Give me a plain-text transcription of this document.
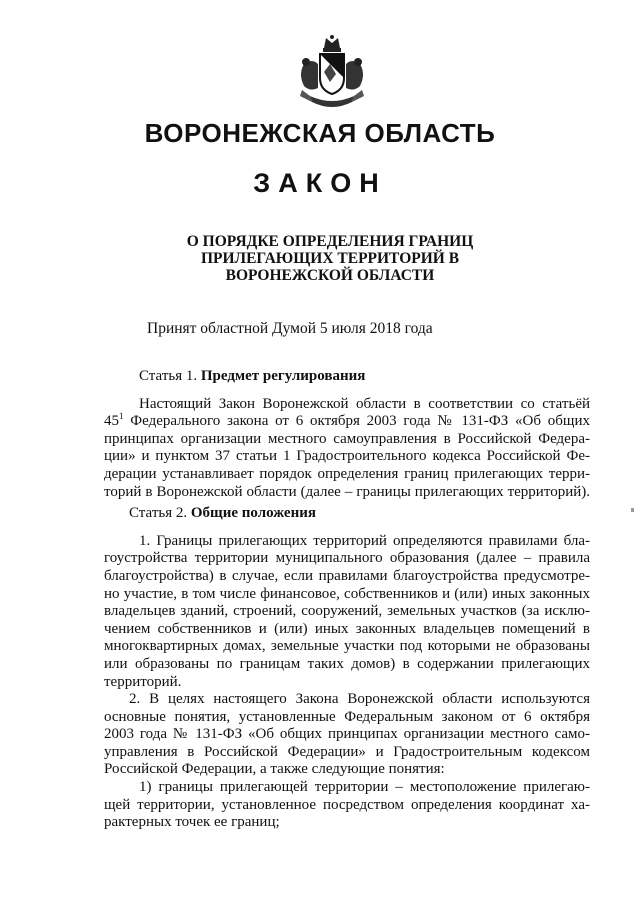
ВОРОНЕЖСКАЯ ОБЛАСТЬ
ЗАКОН
О ПОРЯДКЕ ОПРЕДЕЛЕНИЯ ГРАНИЦ
ПРИЛЕГАЮЩИХ ТЕРРИТОРИЙ В
ВОРОНЕЖСКОЙ ОБЛАСТИ
Принят областной Думой 5 июля 2018 года

Статья 1. Предмет регулирования

Настоящий Закон Воронежской области в соответствии со статьёй
$45^1$ Федерального закона от 6 октября 2003 года № 131-ФЗ «Об общих
принципах организации местного самоуправления в Российской Федера-
ции» и пунктом 37 статьи 1 Градостроительного кодекса Российской Фе-
дерации устанавливает порядок определения границ прилегающих терри-
торий в Воронежской области (далее – границы прилегающих территорий).

Статья 2. Общие положения

1. Границы прилегающих территорий определяются правилами бла-
гоустройства территории муниципального образования (далее – правила
благоустройства) в случае, если правилами благоустройства предусмотре-
но участие, в том числе финансовое, собственников и (или) иных законных
владельцев зданий, строений, сооружений, земельных участков (за исклю-
чением собственников и (или) иных законных владельцев помещений в
многоквартирных домах, земельные участки под которыми не образованы
или образованы по границам таких домов) в содержании прилегающих
территорий.
2. В целях настоящего Закона Воронежской области используются
основные понятия, установленные Федеральным законом от 6 октября
2003 года № 131-ФЗ «Об общих принципах организации местного само-
управления в Российской Федерации» и Градостроительным кодексом
Российской Федерации, а также следующие понятия:
1) границы прилегающей территории – местоположение прилегаю-
щей территории, установленное посредством определения координат ха-
рактерных точек ее границ;
